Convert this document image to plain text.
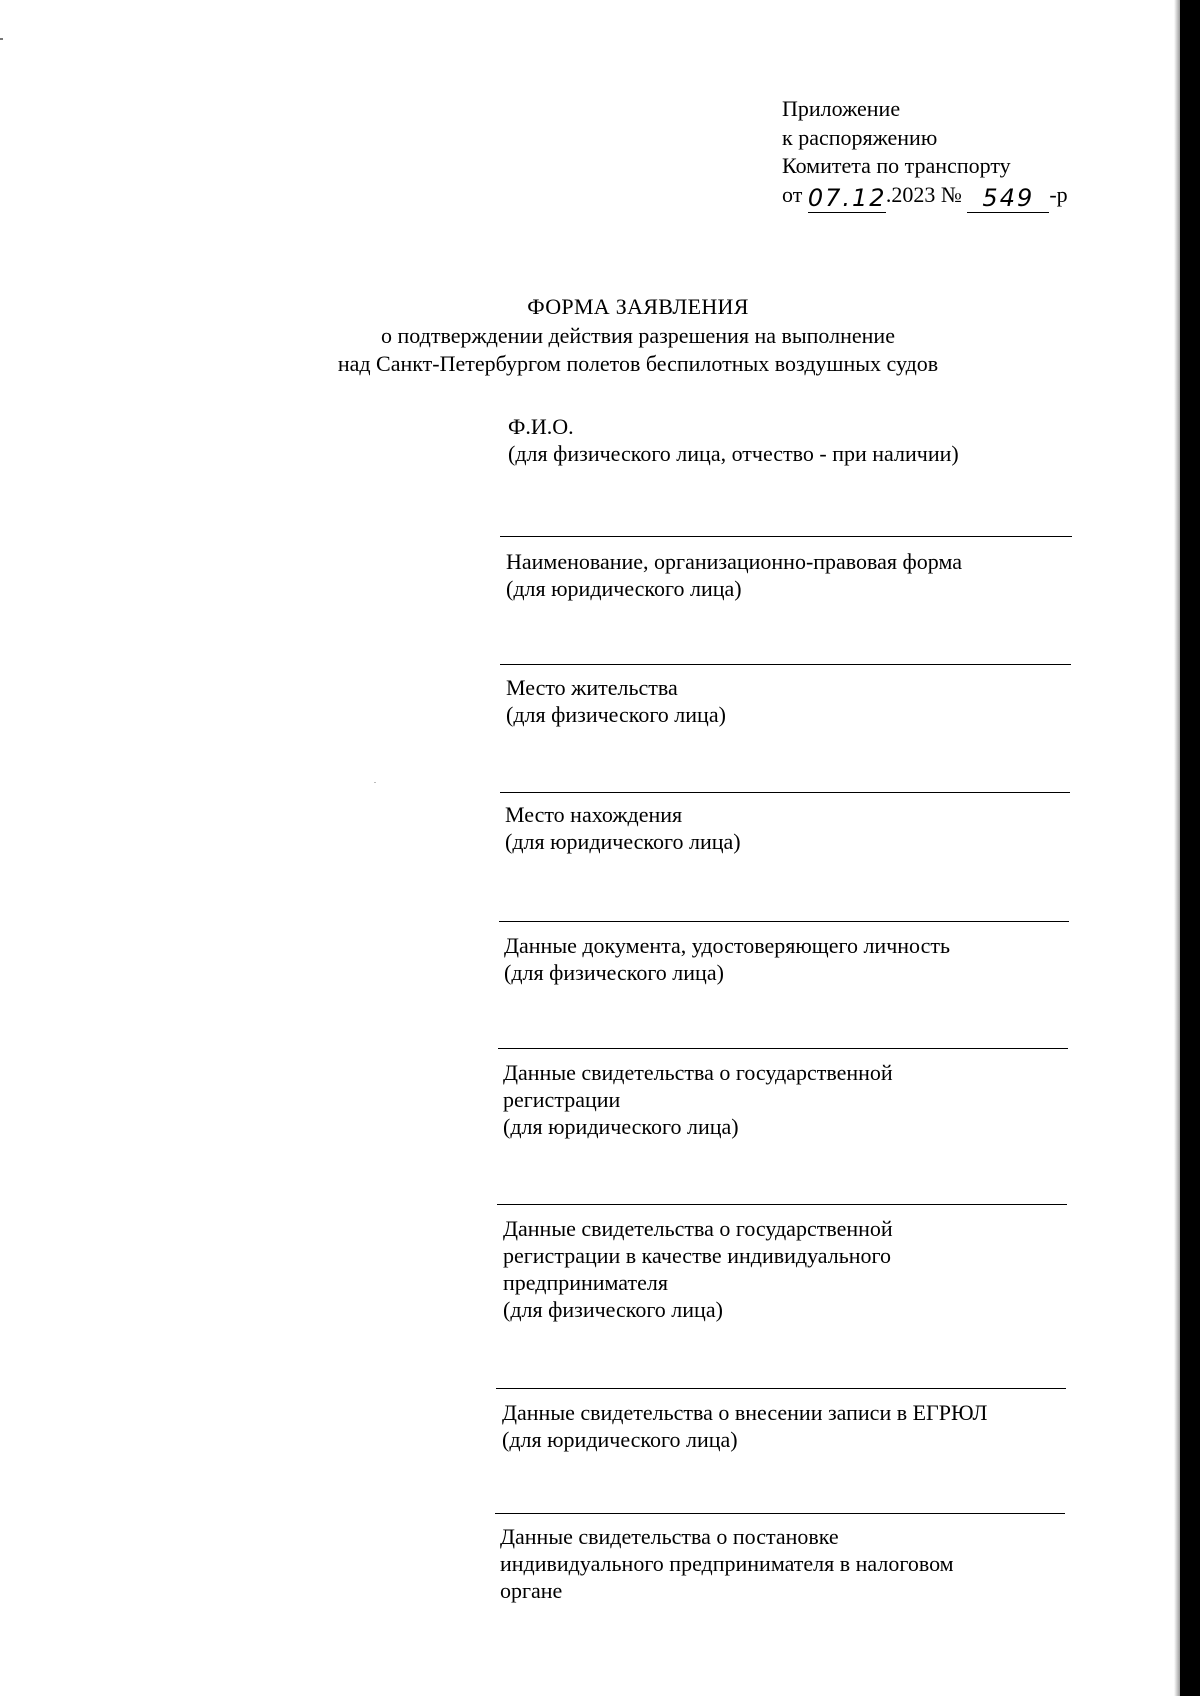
Приложение
к распоряжению
Комитета по транспорту
от 07.12.2023 № 549 -р
ФОРМА ЗАЯВЛЕНИЯ
о подтверждении действия разрешения на выполнение
над Санкт-Петербургом полетов беспилотных воздушных судов
Ф.И.О.
(для физического лица, отчество - при наличии)
Наименование, организационно-правовая форма
(для юридического лица)
Место жительства
(для физического лица)
Место нахождения
(для юридического лица)
Данные документа, удостоверяющего личность
(для физического лица)
Данные свидетельства о государственной
регистрации
(для юридического лица)
Данные свидетельства о государственной
регистрации в качестве индивидуального
предпринимателя
(для физического лица)
Данные свидетельства о внесении записи в ЕГРЮЛ
(для юридического лица)
Данные свидетельства о постановке
индивидуального предпринимателя в налоговом
органе
